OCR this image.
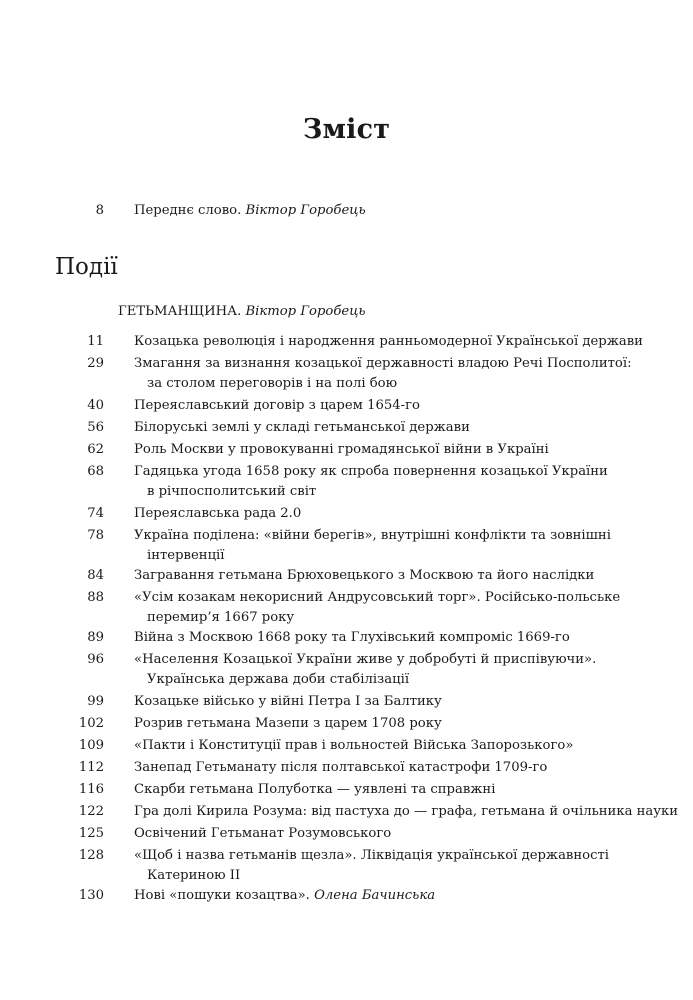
Зміст
8 Переднє слово. Віктор Горобець
Події
ГЕТЬМАНЩИНА. Віктор Горобець
11 Козацька революція і народження ранньомодерної Української держави
29 Змагання за визнання козацької державності владою Речі Посполитої:
за столом переговорів і на полі бою
40 Переяславський договір з царем 1654-го
56 Білоруські землі у складі гетьманської держави
62 Роль Москви у провокуванні громадянської війни в Україні
68 Гадяцька угода 1658 року як спроба повернення козацької України
в річпосполитський світ
74 Переяславська рада 2.0
78 Україна поділена: «війни берегів», внутрішні конфлікти та зовнішні
інтервенції
84 Загравання гетьмана Брюховецького з Москвою та його наслідки
88 «Усім козакам некорисний Андрусовський торг». Російсько-польське
перемир’я 1667 року
89 Війна з Москвою 1668 року та Глухівський компроміс 1669-го
96 «Населення Козацької України живе у добробуті й приспівуючи».
Українська держава доби стабілізації
99 Козацьке військо у війні Петра І за Балтику
102 Розрив гетьмана Мазепи з царем 1708 року
109 «Пакти і Конституції прав і вольностей Війська Запорозького»
112 Занепад Гетьманату після полтавської катастрофи 1709-го
116 Скарби гетьмана Полуботка — уявлені та справжні
122 Гра долі Кирила Розума: від пастуха до — графа, гетьмана й очільника науки
125 Освічений Гетьманат Розумовського
128 «Щоб і назва гетьманів щезла». Ліквідація української державності
Катериною ІІ
130 Нові «пошуки козацтва». Олена Бачинська
